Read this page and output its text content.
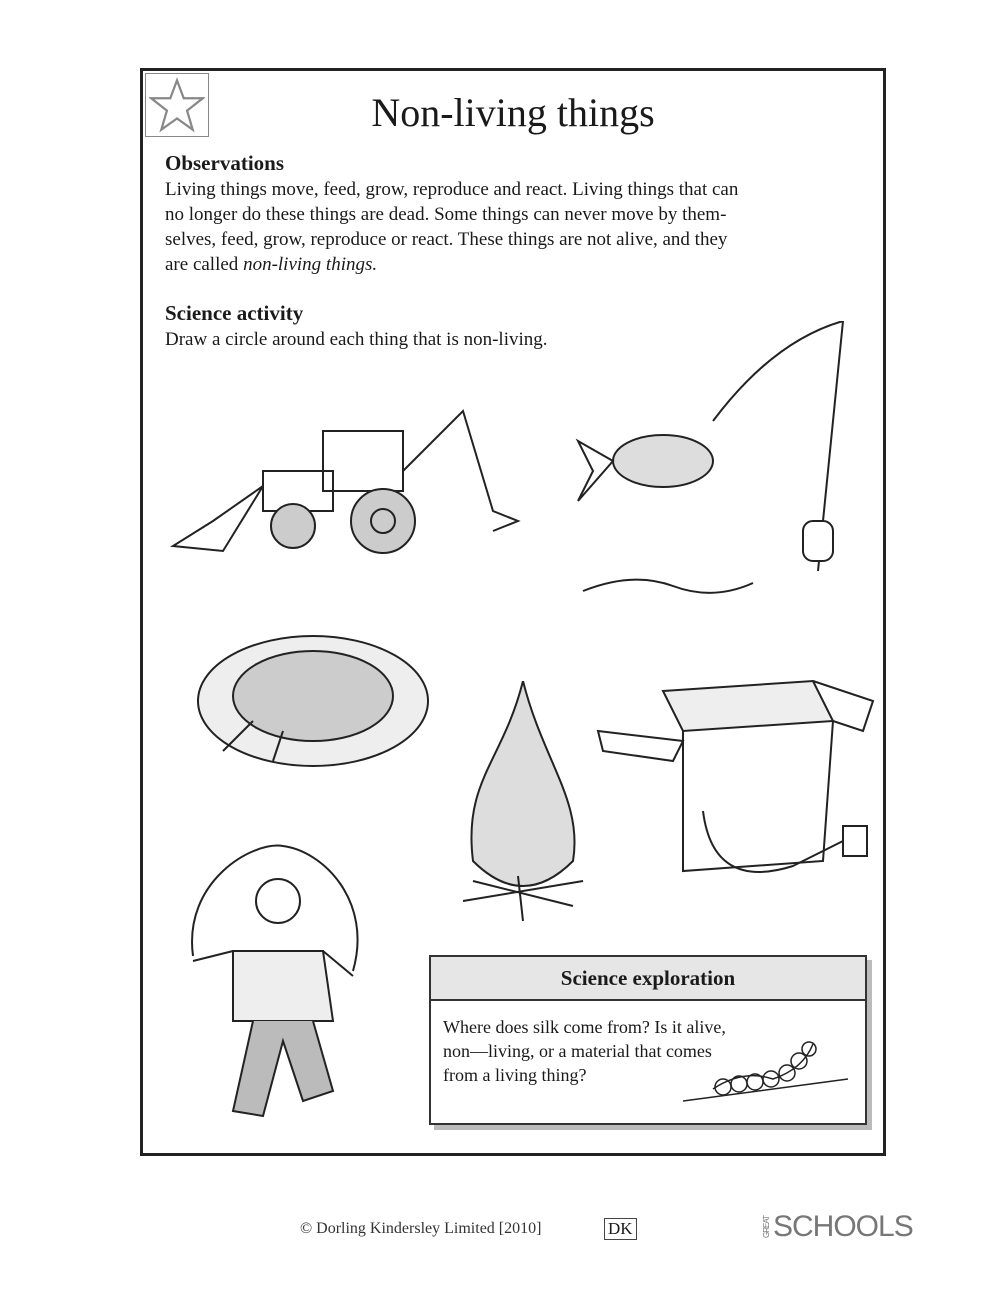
Non-living things
Observations
Living things move, feed, grow, reproduce and react. Living things that can
no longer do these things are dead. Some things can never move by them-
selves, feed, grow, reproduce or react. These things are not alive, and they
are called non-living things.
Science activity
Draw a circle around each thing that is non-living.
Science exploration
Where does silk come from? Is it alive,
non—living, or a material that comes
from a living thing?
© Dorling Kindersley Limited [2010]	DK	GREAT SCHOOLS
